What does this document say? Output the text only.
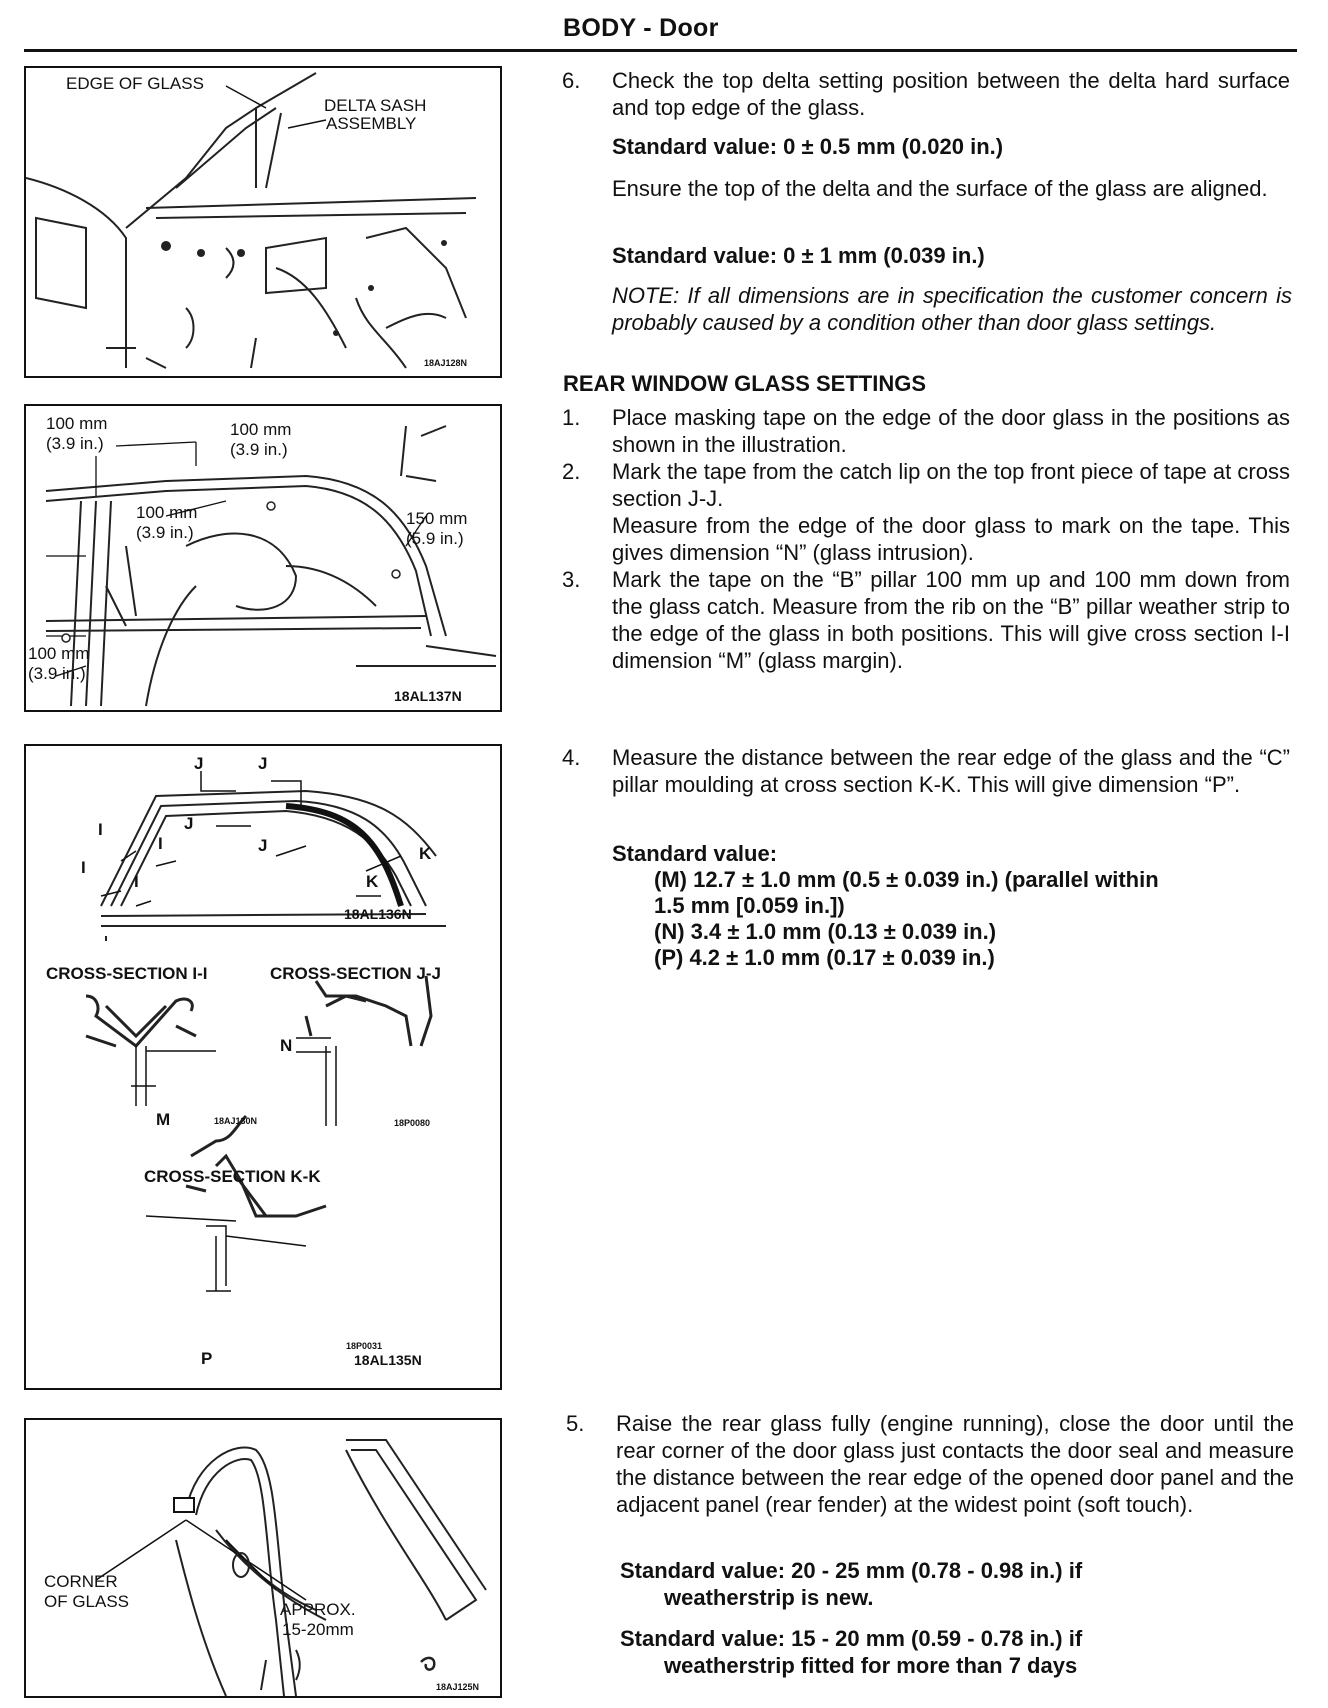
BODY - Door
EDGE OF GLASS
DELTA SASH
ASSEMBLY
18AJ128N
100 mm
(3.9 in.)
100 mm
(3.9 in.)
100 mm
(3.9 in.)
150 mm
(5.9 in.)
100 mm
(3.9 in.)
18AL137N
J	J
J
J
I
I
I
I
K
K
18AL136N
CROSS-SECTION I-I	CROSS-SECTION J-J
M	18AJ130N
N
18P0080
CROSS-SECTION K-K
P
18P0031
18AL135N
CORNER
OF GLASS	APPROX.
15-20mm
18AJ125N
6. Check the top delta setting position between the delta hard surface and top edge of the glass.
Standard value: 0 ± 0.5 mm (0.020 in.)
Ensure the top of the delta and the surface of the glass are aligned.
Standard value: 0 ± 1 mm (0.039 in.)
NOTE: If all dimensions are in specification the customer concern is probably caused by a condition other than door glass settings.
REAR WINDOW GLASS SETTINGS
1. Place masking tape on the edge of the door glass in the positions as shown in the illustration.
2. Mark the tape from the catch lip on the top front piece of tape at cross section J-J.
Measure from the edge of the door glass to mark on the tape. This gives dimension “N” (glass intrusion).
3. Mark the tape on the “B” pillar 100 mm up and 100 mm down from the glass catch. Measure from the rib on the “B” pillar weather strip to the edge of the glass in both positions. This will give cross section I-I dimension “M” (glass margin).
4. Measure the distance between the rear edge of the glass and the “C” pillar moulding at cross section K-K. This will give dimension “P”.
Standard value:
(M) 12.7 ± 1.0 mm (0.5 ± 0.039 in.) (parallel within
1.5 mm [0.059 in.])
(N) 3.4 ± 1.0 mm (0.13 ± 0.039 in.)
(P) 4.2 ± 1.0 mm (0.17 ± 0.039 in.)
5. Raise the rear glass fully (engine running), close the door until the rear corner of the door glass just contacts the door seal and measure the distance between the rear edge of the opened door panel and the adjacent panel (rear fender) at the widest point (soft touch).
Standard value: 20 - 25 mm (0.78 - 0.98 in.) if
weatherstrip is new.
Standard value: 15 - 20 mm (0.59 - 0.78 in.) if
weatherstrip fitted for more than 7 days
